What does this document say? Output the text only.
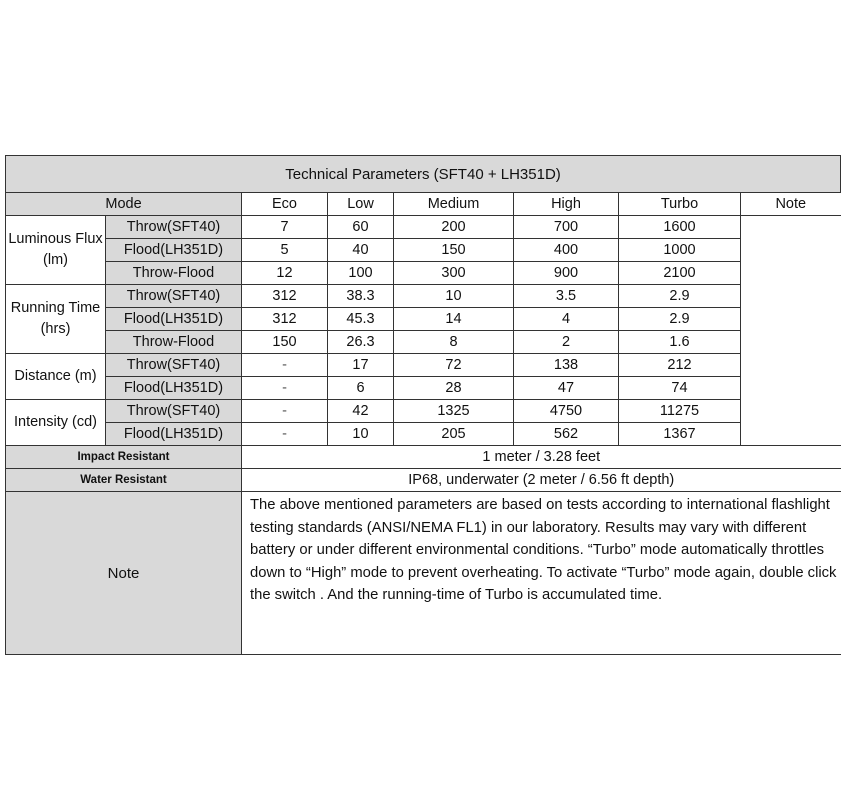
Technical Parameters (SFT40 + LH351D)							
Mode		Eco	Low	Medium	High	Turbo	Note
Luminous Flux (lm)	Throw(SFT40)	7	60	200	700	1600	
	Flood(LH351D)	5	40	150	400	1000	
	Throw-Flood	12	100	300	900	2100	
Running Time (hrs)	Throw(SFT40)	312	38.3	10	3.5	2.9	
	Flood(LH351D)	312	45.3	14	4	2.9	
	Throw-Flood	150	26.3	8	2	1.6	
Distance (m)	Throw(SFT40)	-	17	72	138	212	
	Flood(LH351D)	-	6	28	47	74	
Intensity (cd)	Throw(SFT40)	-	42	1325	4750	11275	
	Flood(LH351D)	-	10	205	562	1367	
Impact Resistant		1 meter / 3.28 feet					
Water Resistant		IP68, underwater (2 meter / 6.56 ft depth)					
Note		The above mentioned parameters are based on tests according to international flashlight testing standards (ANSI/NEMA FL1) in our laboratory. Results may vary with different battery or under different environmental conditions. “Turbo” mode automatically throttles down to “High” mode to prevent overheating. To activate “Turbo” mode again, double click the switch . And the running-time of Turbo is accumulated time.					
